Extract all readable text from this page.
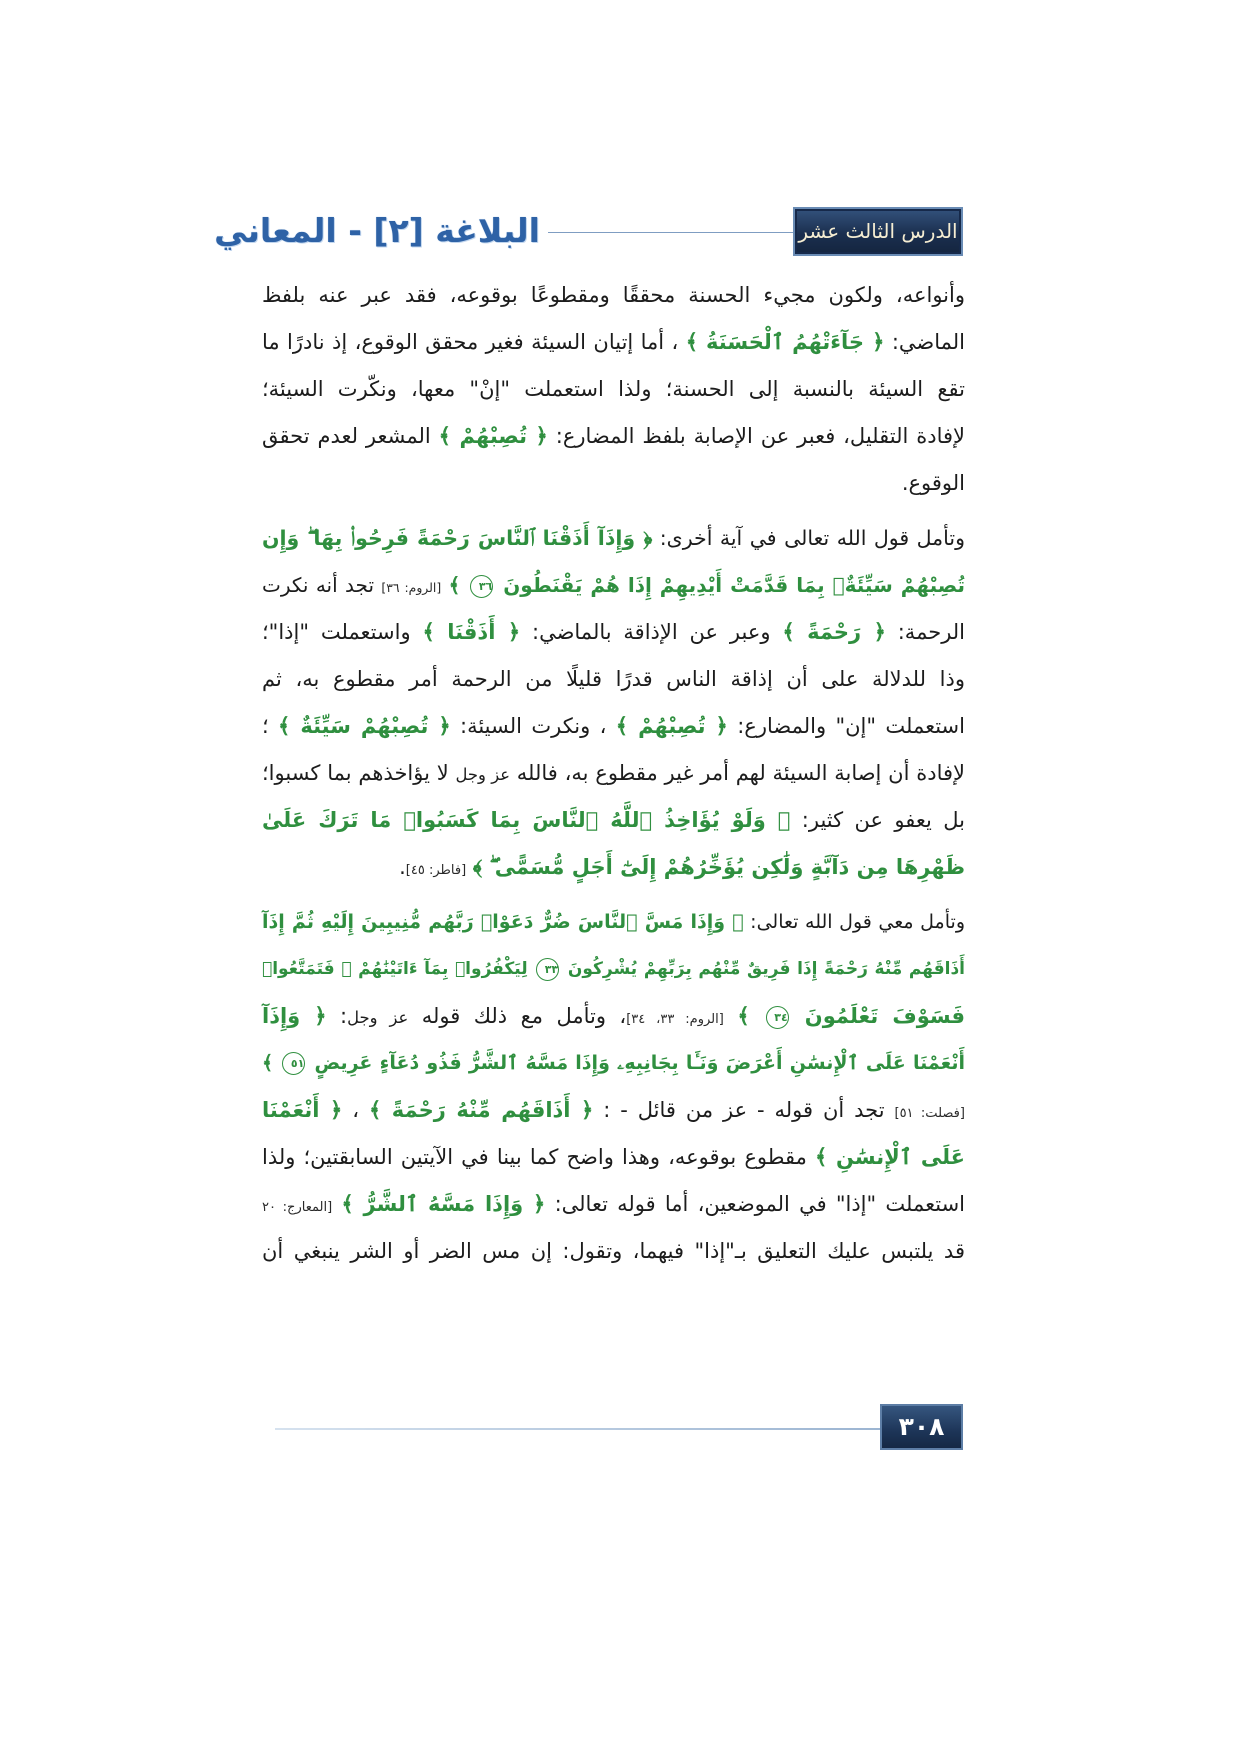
الدرس الثالث عشر
البلاغة [٢] - المعاني
وأنواعه، ولكون مجيء الحسنة محققًا ومقطوعًا بوقوعه، فقد عبر عنه بلفظ
الماضي: ﴿ جَآءَتْهُمُ ٱلْحَسَنَةُ ﴾ ، أما إتيان السيئة فغير محقق الوقوع، إذ نادرًا ما
تقع السيئة بالنسبة إلى الحسنة؛ ولذا استعملت "إنْ" معها، ونكّرت السيئة؛
لإفادة التقليل، فعبر عن الإصابة بلفظ المضارع: ﴿ تُصِبْهُمْ ﴾ المشعر لعدم تحقق
الوقوع.
وتأمل قول الله تعالى في آية أخرى: ﴿ وَإِذَآ أَذَقْنَا ٱلنَّاسَ رَحْمَةً فَرِحُوا۟ بِهَا ۖ وَإِن
تُصِبْهُمْ سَيِّئَةٌۢ بِمَا قَدَّمَتْ أَيْدِيهِمْ إِذَا هُمْ يَقْنَطُونَ ٣٦ ﴾ [الروم: ٣٦] تجد أنه نكرت
الرحمة: ﴿ رَحْمَةً ﴾ وعبر عن الإذاقة بالماضي: ﴿ أَذَقْنَا ﴾ واستعملت "إذا"؛
وذا للدلالة على أن إذاقة الناس قدرًا قليلًا من الرحمة أمر مقطوع به، ثم
استعملت "إن" والمضارع: ﴿ تُصِبْهُمْ ﴾ ، ونكرت السيئة: ﴿ تُصِبْهُمْ سَيِّئَةٌ ﴾ ؛
لإفادة أن إصابة السيئة لهم أمر غير مقطوع به، فالله عز وجل لا يؤاخذهم بما كسبوا؛
بل يعفو عن كثير: ﴿ وَلَوْ يُؤَاخِذُ ٱللَّهُ ٱلنَّاسَ بِمَا كَسَبُوا۟ مَا تَرَكَ عَلَىٰ
ظَهْرِهَا مِن دَآبَّةٍ وَلَٰكِن يُؤَخِّرُهُمْ إِلَىٰٓ أَجَلٍ مُّسَمًّى ۖ ﴾ [فاطر: ٤٥].
وتأمل معي قول الله تعالى: ﴿ وَإِذَا مَسَّ ٱلنَّاسَ ضُرٌّ دَعَوْا۟ رَبَّهُم مُّنِيبِينَ إِلَيْهِ ثُمَّ إِذَآ
أَذَاقَهُم مِّنْهُ رَحْمَةً إِذَا فَرِيقٌ مِّنْهُم بِرَبِّهِمْ يُشْرِكُونَ ٣٣ لِيَكْفُرُوا۟ بِمَآ ءَاتَيْنَٰهُمْ ۚ فَتَمَتَّعُوا۟
فَسَوْفَ تَعْلَمُونَ ٣٤ ﴾ [الروم: ٣٣، ٣٤]، وتأمل مع ذلك قوله عز وجل: ﴿ وَإِذَآ
أَنْعَمْنَا عَلَى ٱلْإِنسَٰنِ أَعْرَضَ وَنَـَٔا بِجَانِبِهِۦ وَإِذَا مَسَّهُ ٱلشَّرُّ فَذُو دُعَآءٍ عَرِيضٍ ٥١ ﴾
[فصلت: ٥١] تجد أن قوله - عز من قائل - : ﴿ أَذَاقَهُم مِّنْهُ رَحْمَةً ﴾ ، ﴿ أَنْعَمْنَا
عَلَى ٱلْإِنسَٰنِ ﴾ مقطوع بوقوعه، وهذا واضح كما بينا في الآيتين السابقتين؛ ولذا
استعملت "إذا" في الموضعين، أما قوله تعالى: ﴿ وَإِذَا مَسَّهُ ٱلشَّرُّ ﴾ [المعارج: ٢٠
قد يلتبس عليك التعليق بـ"إذا" فيهما، وتقول: إن مس الضر أو الشر ينبغي أن
٣٠٨
